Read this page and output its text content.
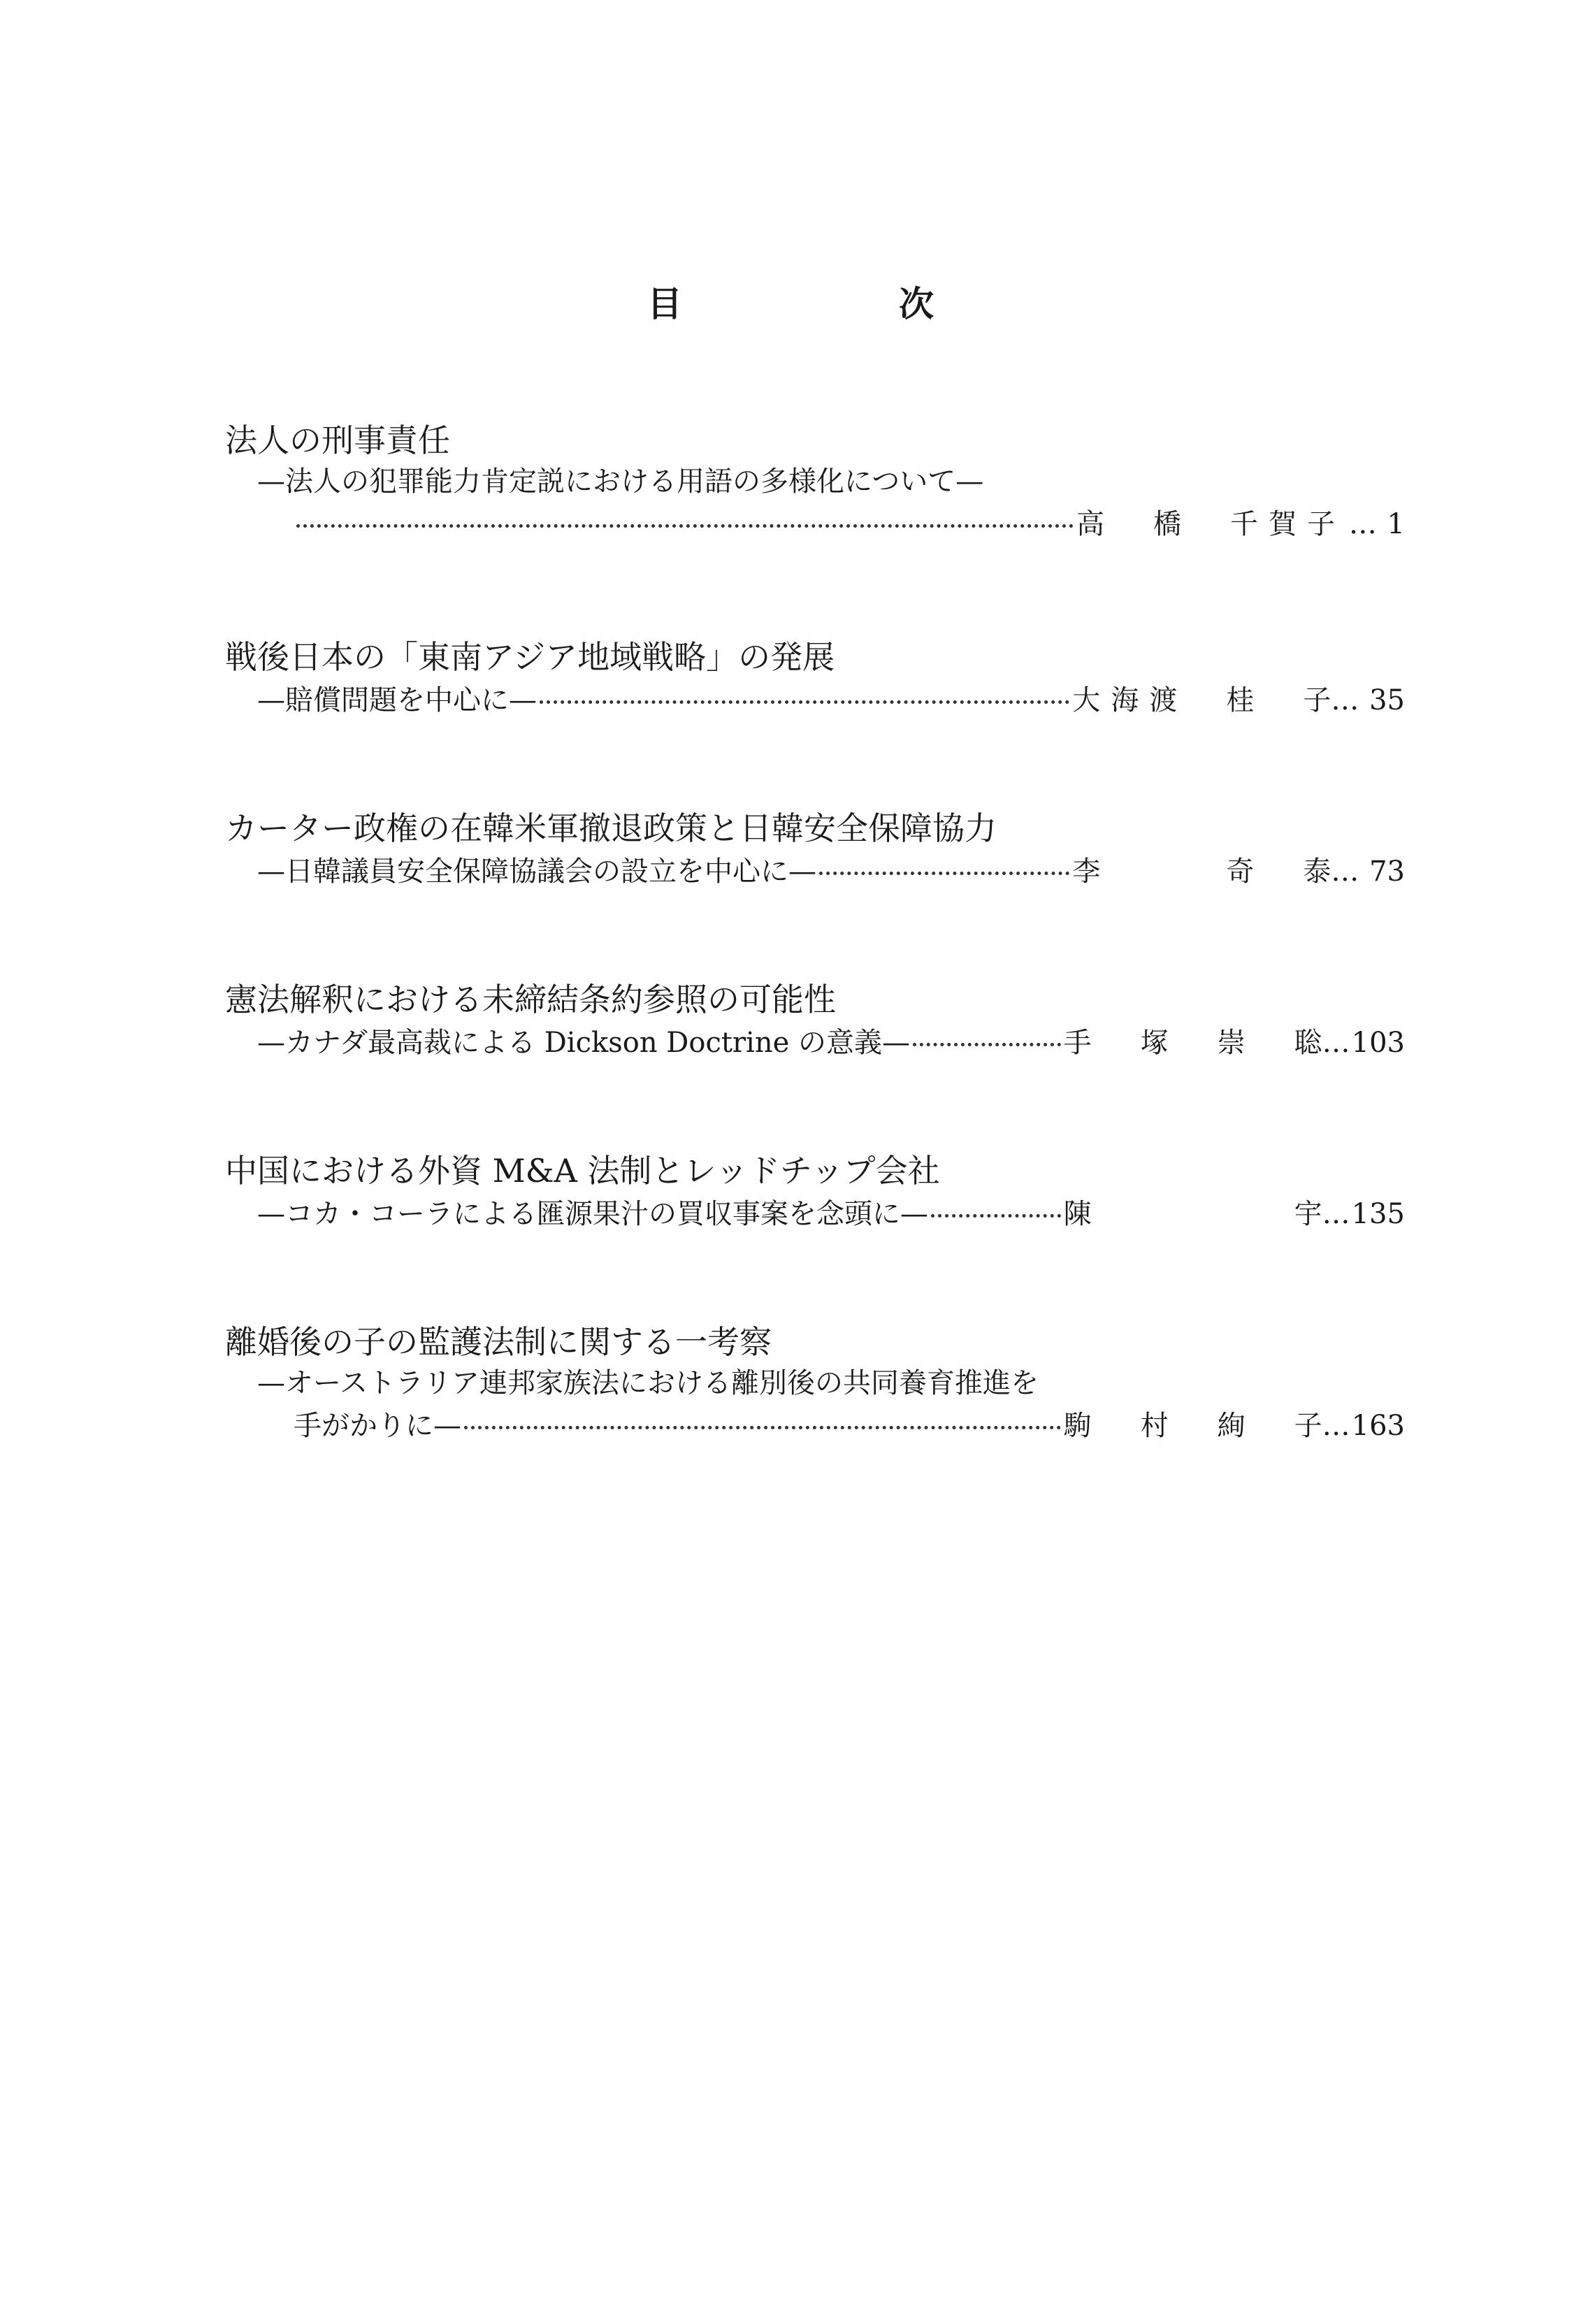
目　次
法人の刑事責任
—法人の犯罪能力肯定説における用語の多様化について—
高　橋　千賀子 … 1
戦後日本の「東南アジア地域戦略」の発展
—賠償問題を中心に—	大海渡　桂　子 … 35
カーター政権の在韓米軍撤退政策と日韓安全保障協力
—日韓議員安全保障協議会の設立を中心に—	李　　　奇　泰 … 73
憲法解釈における未締結条約参照の可能性
—カナダ最高裁による Dickson Doctrine の意義—	手　塚　崇　聡 …103
中国における外資 M&A 法制とレッドチップ会社
—コカ・コーラによる匯源果汁の買収事案を念頭に—	陳　　　　　宇 …135
離婚後の子の監護法制に関する一考察
—オーストラリア連邦家族法における離別後の共同養育推進を
手がかりに—	駒　村　絢　子 …163
